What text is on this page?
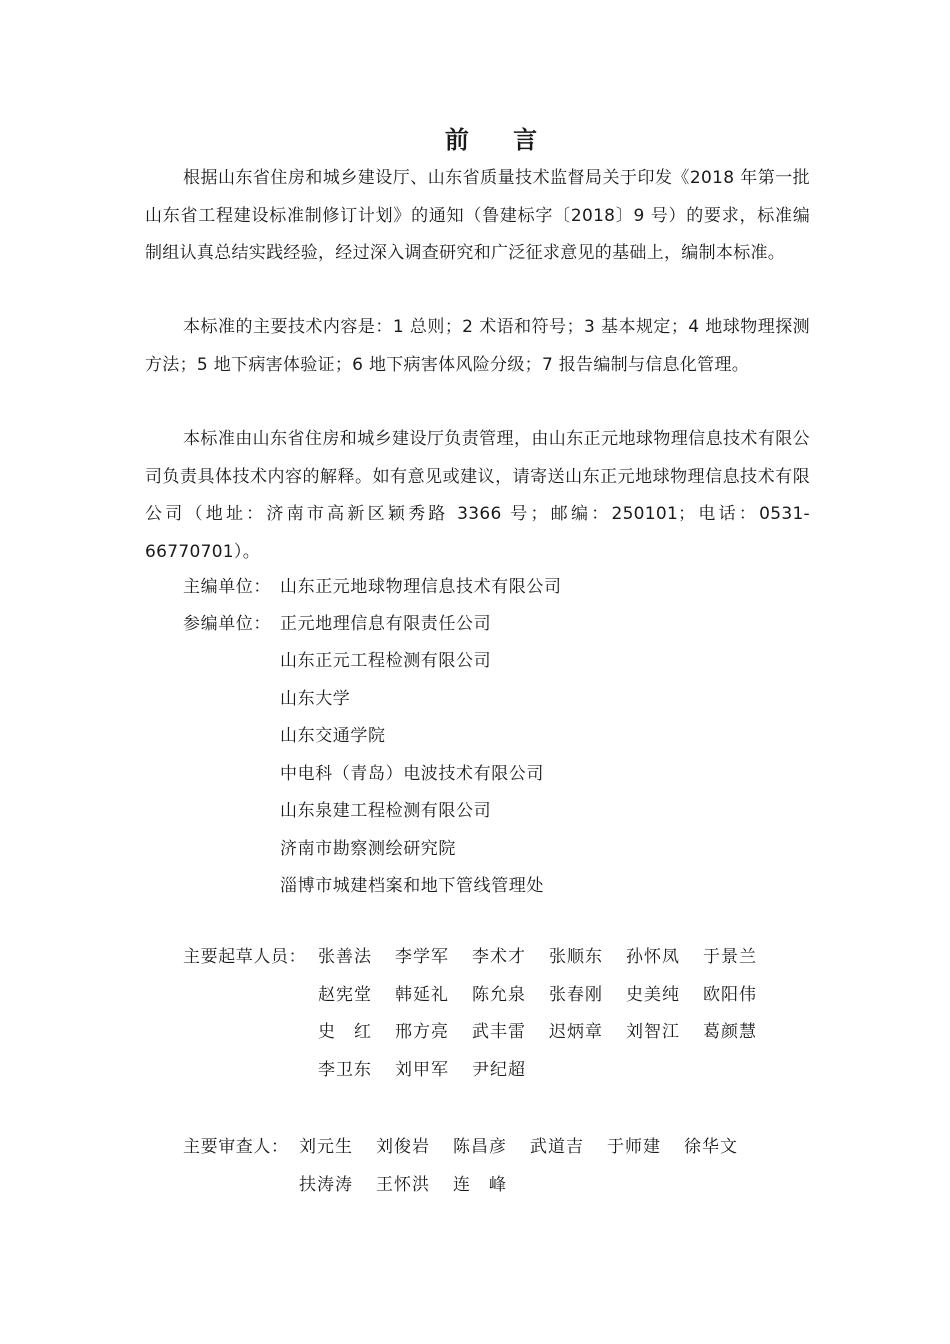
前 言

根据山东省住房和城乡建设厅、山东省质量技术监督局关于印发《2018 年第一批山东省工程建设标准制修订计划》的通知（鲁建标字〔2018〕9 号）的要求，标准编制组认真总结实践经验，经过深入调查研究和广泛征求意见的基础上，编制本标准。

本标准的主要技术内容是：1 总则；2 术语和符号；3 基本规定；4 地球物理探测方法；5 地下病害体验证；6 地下病害体风险分级；7 报告编制与信息化管理。

本标准由山东省住房和城乡建设厅负责管理，由山东正元地球物理信息技术有限公司负责具体技术内容的解释。如有意见或建议，请寄送山东正元地球物理信息技术有限公司（地址：济南市高新区颖秀路 3366 号；邮编：250101；电话：0531-66770701）。

主编单位： 山东正元地球物理信息技术有限公司
参编单位： 正元地理信息有限责任公司
山东正元工程检测有限公司
山东大学
山东交通学院
中电科（青岛）电波技术有限公司
山东泉建工程检测有限公司
济南市勘察测绘研究院
淄博市城建档案和地下管线管理处
主要起草人员： 张善法	李学军	李术才	张顺东	孙怀凤	于景兰
赵宪堂	韩延礼	陈允泉	张春刚	史美纯	欧阳伟
史　红	邢方亮	武丰雷	迟炳章	刘智江	葛颜慧
李卫东	刘甲军	尹纪超
主要审查人： 刘元生	刘俊岩	陈昌彦	武道吉	于师建	徐华文
扶涛涛	王怀洪	连　峰
